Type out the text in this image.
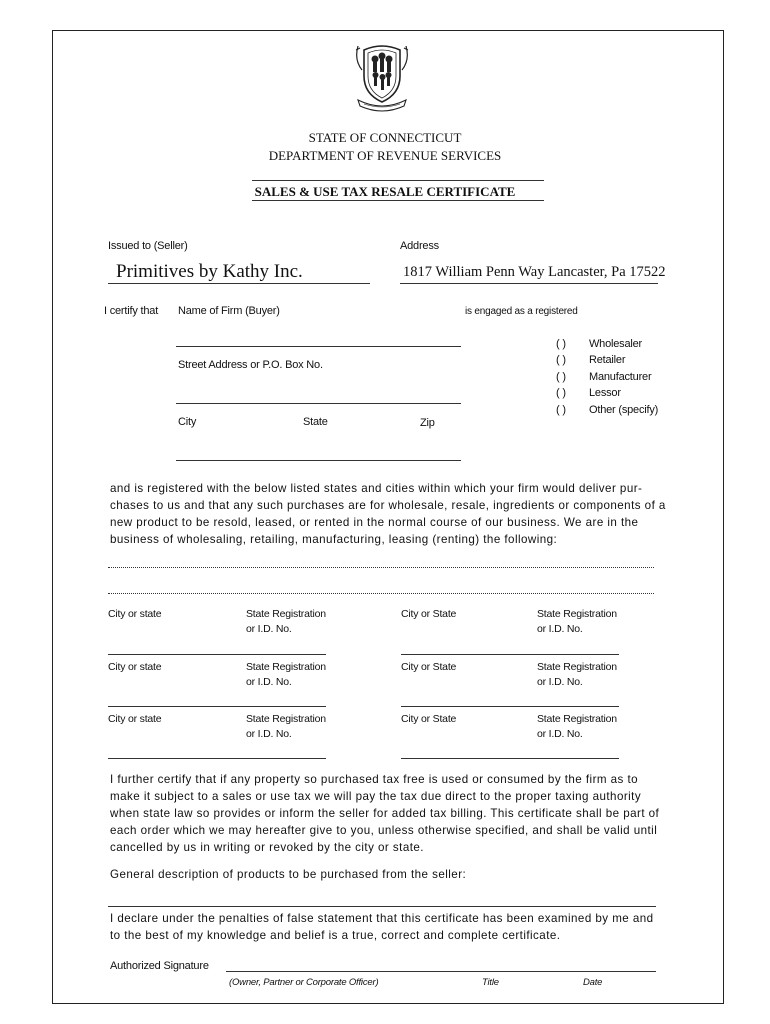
STATE OF CONNECTICUT
DEPARTMENT OF REVENUE SERVICES
SALES & USE TAX RESALE CERTIFICATE
Issued to (Seller)	Address
Primitives by Kathy Inc.	1817 William Penn Way Lancaster, Pa 17522
I certify that Name of Firm (Buyer)	is engaged as a registered
Street Address or P.O. Box No.
City	State	Zip
( ) Wholesaler
( ) Retailer
( ) Manufacturer
( ) Lessor
( ) Other (specify)
and is registered with the below listed states and cities within which your firm would deliver pur-
chases to us and that any such purchases are for wholesale, resale, ingredients or components of a
new product to be resold, leased, or rented in the normal course of our business. We are in the
business of wholesaling, retailing, manufacturing, leasing (renting) the following:
City or state	State Registration
or I.D. No.
City or State	State Registration
or I.D. No.
City or state	State Registration
or I.D. No.
City or State	State Registration
or I.D. No.
City or state	State Registration
or I.D. No.
City or State	State Registration
or I.D. No.
I further certify that if any property so purchased tax free is used or consumed by the firm as to
make it subject to a sales or use tax we will pay the tax due direct to the proper taxing authority
when state law so provides or inform the seller for added tax billing. This certificate shall be part of
each order which we may hereafter give to you, unless otherwise specified, and shall be valid until
cancelled by us in writing or revoked by the city or state.
General description of products to be purchased from the seller:
I declare under the penalties of false statement that this certificate has been examined by me and
to the best of my knowledge and belief is a true, correct and complete certificate.
Authorized Signature
(Owner, Partner or Corporate Officer)	Title	Date
